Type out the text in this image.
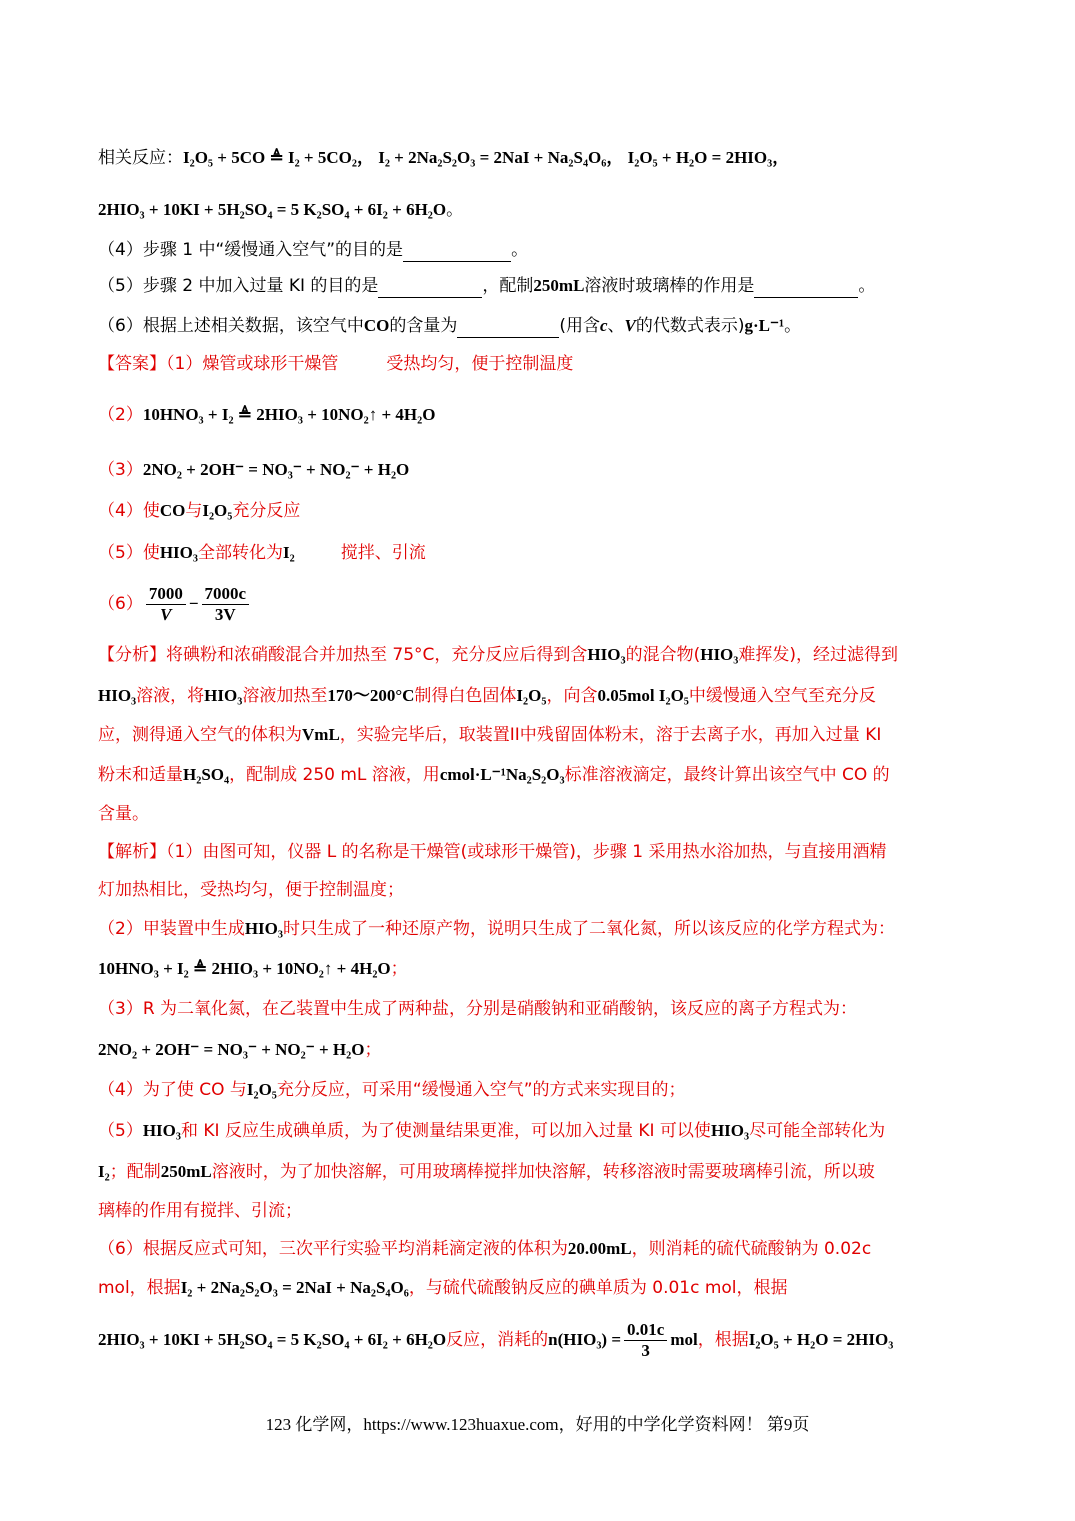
相关反应：I₂O₅ + 5CO ≜ I₂ + 5CO₂， I₂ + 2Na₂S₂O₃ = 2NaI + Na₂S₄O₆， I₂O₅ + H₂O = 2HIO₃，
2HIO₃ + 10KI + 5H₂SO₄ = 5 K₂SO₄ + 6I₂ + 6H₂O。
（4）步骤 1 中“缓慢通入空气”的目的是	。
（5）步骤 2 中加入过量 KI 的目的是	，配制250mL溶液时玻璃棒的作用是	。
（6）根据上述相关数据，该空气中CO的含量为	(用含c、V的代数式表示)g·L⁻¹。
【答案】（1）燥管或球形干燥管	受热均匀，便于控制温度
（2）10HNO₃ + I₂ ≜ 2HIO₃ + 10NO₂↑ + 4H₂O
（3）2NO₂ + 2OH⁻ = NO₃⁻ + NO₂⁻ + H₂O
（4）使CO与I₂O₅充分反应
（5）使HIO₃全部转化为I₂	搅拌、引流
$(6) \frac{7000}{V} - \frac{7000c}{3V}$
【分析】将碘粉和浓硝酸混合并加热至 75°C，充分反应后得到含HIO₃的混合物(HIO₃难挥发)，经过滤得到
HIO₃溶液，将HIO₃溶液加热至170～200°C制得白色固体I₂O₅，向含0.05mol I₂O₅中缓慢通入空气至充分反
应，测得通入空气的体积为VmL，实验完毕后，取装置II中残留固体粉末，溶于去离子水，再加入过量 KI
粉末和适量H₂SO₄，配制成 250 mL 溶液，用cmol·L⁻¹Na₂S₂O₃标准溶液滴定，最终计算出该空气中 CO 的
含量。
【解析】（1）由图可知，仪器 L 的名称是干燥管(或球形干燥管)，步骤 1 采用热水浴加热，与直接用酒精
灯加热相比，受热均匀，便于控制温度；
（2）甲装置中生成HIO₃时只生成了一种还原产物，说明只生成了二氧化氮，所以该反应的化学方程式为：
10HNO₃ + I₂ ≜ 2HIO₃ + 10NO₂↑ + 4H₂O；
（3）R 为二氧化氮，在乙装置中生成了两种盐，分别是硝酸钠和亚硝酸钠，该反应的离子方程式为：
2NO₂ + 2OH⁻ = NO₃⁻ + NO₂⁻ + H₂O；
（4）为了使 CO 与I₂O₅充分反应，可采用“缓慢通入空气”的方式来实现目的；
（5）HIO₃和 KI 反应生成碘单质，为了使测量结果更准，可以加入过量 KI 可以使HIO₃尽可能全部转化为
I₂；配制250mL溶液时，为了加快溶解，可用玻璃棒搅拌加快溶解，转移溶液时需要玻璃棒引流，所以玻
璃棒的作用有搅拌、引流；
（6）根据反应式可知，三次平行实验平均消耗滴定液的体积为20.00mL，则消耗的硫代硫酸钠为 0.02c
mol，根据I₂ + 2Na₂S₂O₃ = 2NaI + Na₂S₄O₆，与硫代硫酸钠反应的碘单质为 0.01c mol，根据
2HIO₃ + 10KI + 5H₂SO₄ = 5 K₂SO₄ + 6I₂ + 6H₂O反应，消耗的$n(HIO_3) = \frac{0.01c}{3}$ mol，根据I₂O₅ + H₂O = 2HIO₃
123 化学网，https://www.123huaxue.com，好用的中学化学资料网！ 第9页
